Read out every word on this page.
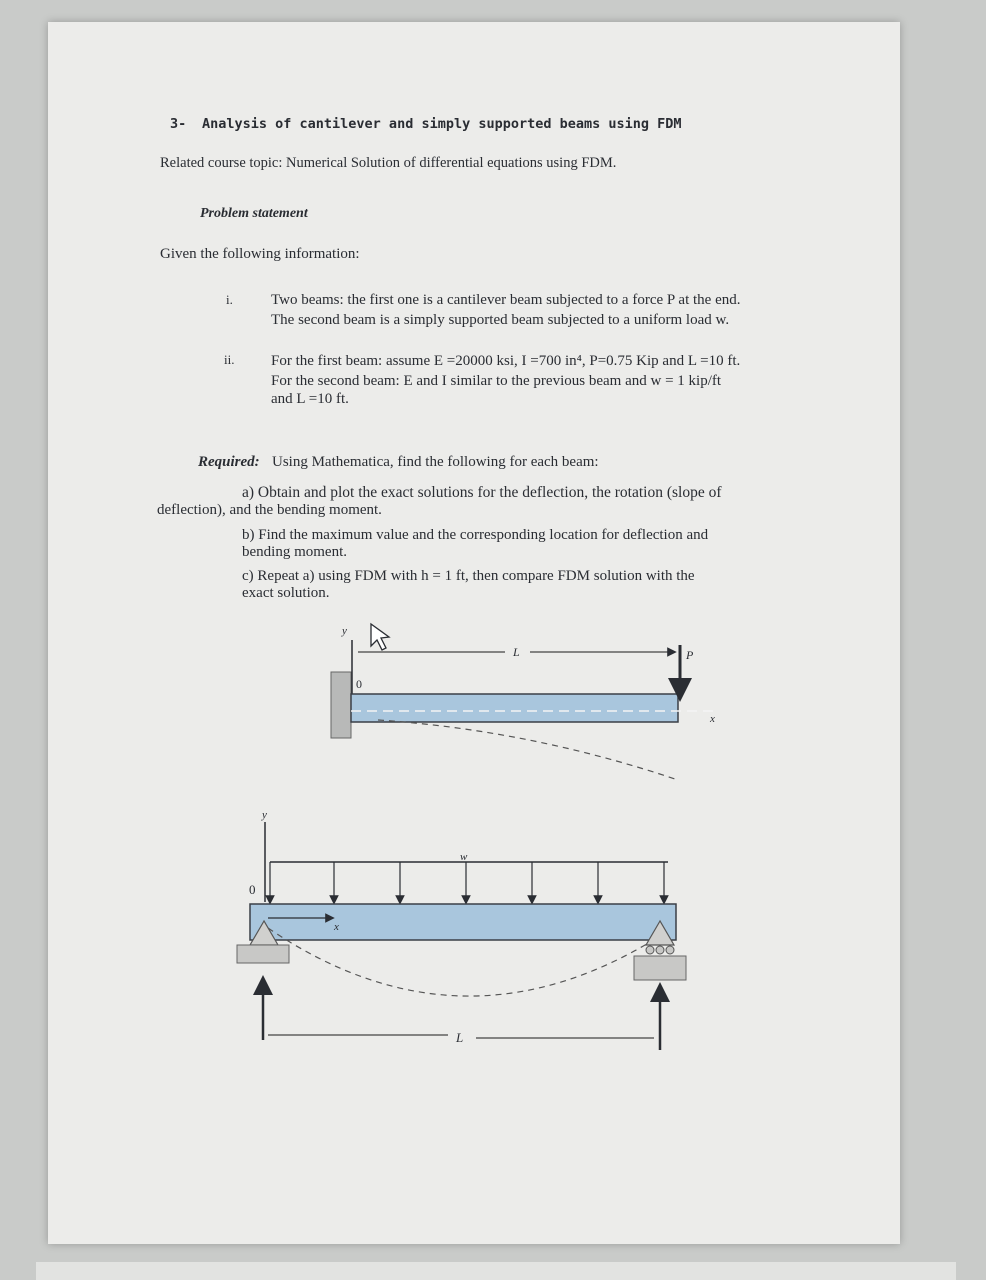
3- Analysis of cantilever and simply supported beams using FDM
Related course topic: Numerical Solution of differential equations using FDM.
Problem statement
Given the following information:
i.	Two beams: the first one is a cantilever beam subjected to a force P at the end.
The second beam is a simply supported beam subjected to a uniform load w.
ii. For the first beam: assume E =20000 ksi, I =700 in⁴, P=0.75 Kip and L =10 ft.
For the second beam: E and I similar to the previous beam and w = 1 kip/ft
and L =10 ft.
Required: Using Mathematica, find the following for each beam:
a) Obtain and plot the exact solutions for the deflection, the rotation (slope of
deflection), and the bending moment.
b) Find the maximum value and the corresponding location for deflection and
bending moment.
c) Repeat a) using FDM with h = 1 ft, then compare FDM solution with the
exact solution.
y
0
L	P
x
y
0
w
x
L
